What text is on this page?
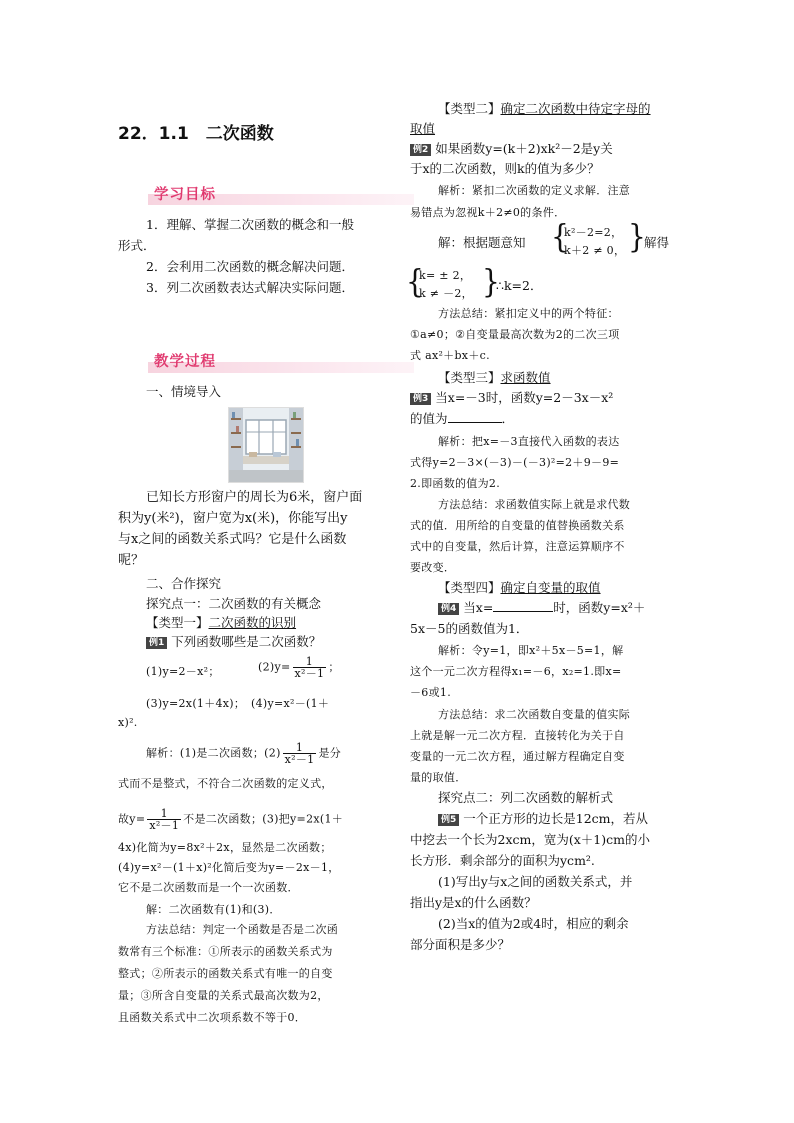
22．1.1　二次函数
学习目标
1．理解、掌握二次函数的概念和一般
形式．
2．会利用二次函数的概念解决问题．
3．列二次函数表达式解决实际问题．
教学过程
一、情境导入
已知长方形窗户的周长为6米，窗户面
积为y(米²)，窗户宽为x(米)，你能写出y
与x之间的函数关系式吗？它是什么函数
呢？
二、合作探究
探究点一：二次函数的有关概念
【类型一】二次函数的识别
例1 下列函数哪些是二次函数？
(1)y=2－x²；	$(2)y= \frac{1}{\text{x²－1}}$ ；
(3)y=2x(1＋4x)；　(4)y=x²－(1＋
x)².
解析：(1)是二次函数；$(2) \frac{1}{\text{x²－1}}$ 是分
式而不是整式，不符合二次函数的定义式，
故$y= \frac{1}{\text{x²－1}}$ 不是二次函数；(3)把y=2x(1＋
4x)化简为y=8x²＋2x，显然是二次函数；
(4)y=x²－(1＋x)²化简后变为y=－2x－1，
它不是二次函数而是一个一次函数．
解：二次函数有(1)和(3)．
方法总结：判定一个函数是否是二次函
数常有三个标准：①所表示的函数关系式为
整式；②所表示的函数关系式有唯一的自变
量；③所含自变量的关系式最高次数为2，
且函数关系式中二次项系数不等于0．
【类型二】确定二次函数中待定字母的
取值
例2 如果函数y=(k＋2)xk²－2是y关
于x的二次函数，则k的值为多少？
解析：紧扣二次函数的定义求解．注意
易错点为忽视k＋2≠0的条件．
解：根据题意知 {
k²－2=2，
k＋2 ≠ 0， }
解得
{
k= ± 2，
k ≠ －2， }
∴k=2．
方法总结：紧扣定义中的两个特征：
①a≠0；②自变量最高次数为2的二次三项
式 ax²＋bx＋c.
【类型三】求函数值
例3 当x=－3时，函数y=2－3x－x²
的值为	．
解析：把x=－3直接代入函数的表达
式得y=2－3×(－3)－(－3)²=2＋9－9=
2.即函数的值为2.
方法总结：求函数值实际上就是求代数
式的值．用所给的自变量的值替换函数关系
式中的自变量，然后计算，注意运算顺序不
要改变．
【类型四】确定自变量的取值
例4 当x=	时，函数y=x²＋
5x－5的函数值为1．
解析：令y=1，即x²＋5x－5=1，解
这个一元二次方程得x₁=－6，x₂=1.即x=
－6或1.
方法总结：求二次函数自变量的值实际
上就是解一元二次方程．直接转化为关于自
变量的一元二次方程，通过解方程确定自变
量的取值．
探究点二：列二次函数的解析式
例5 一个正方形的边长是12cm，若从
中挖去一个长为2xcm，宽为(x＋1)cm的小
长方形．剩余部分的面积为ycm².
(1)写出y与x之间的函数关系式，并
指出y是x的什么函数？
(2)当x的值为2或4时，相应的剩余
部分面积是多少？
